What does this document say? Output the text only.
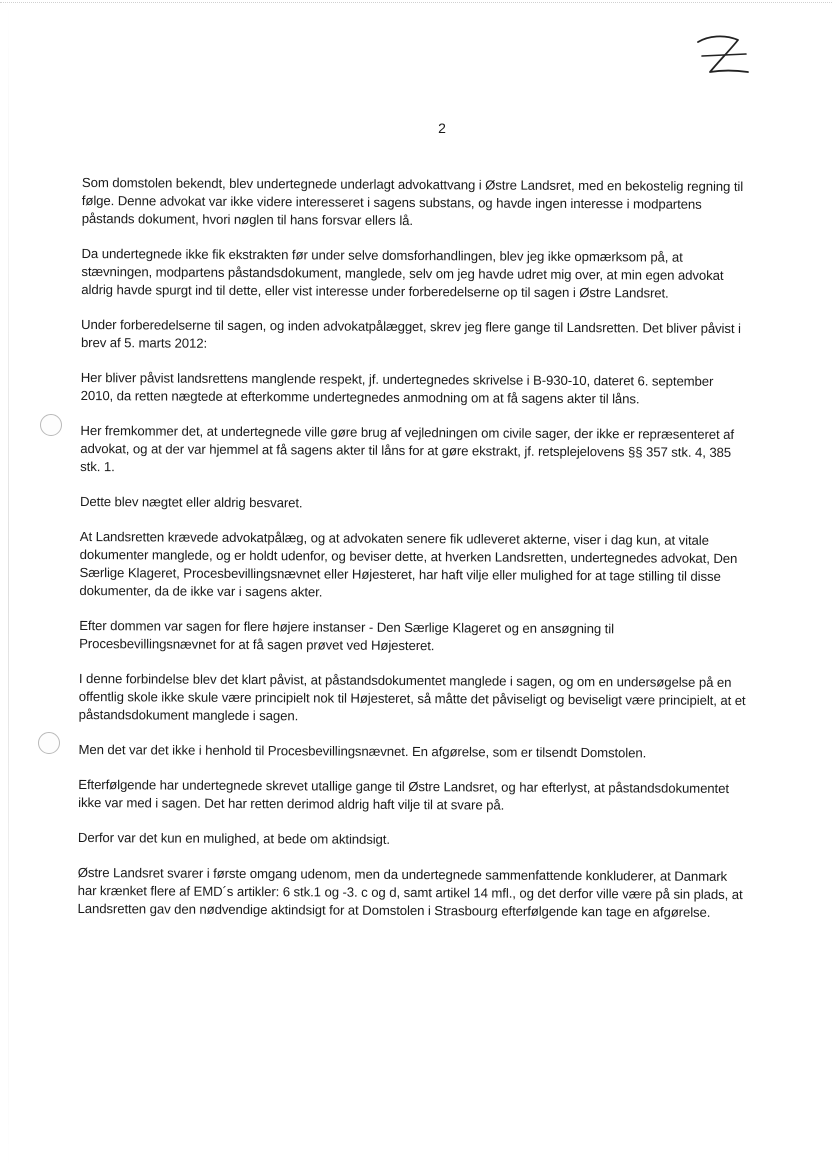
2
2

Som domstolen bekendt, blev undertegnede underlagt advokattvang i Østre Landsret, med en bekostelig regning til følge. Denne advokat var ikke videre interesseret i sagens substans, og havde ingen interesse i modpartens påstands dokument, hvori nøglen til hans forsvar ellers lå.

Da undertegnede ikke fik ekstrakten før under selve domsforhandlingen, blev jeg ikke opmærksom på, at stævningen, modpartens påstandsdokument, manglede, selv om jeg havde udret mig over, at min egen advokat aldrig havde spurgt ind til dette, eller vist interesse under forberedelserne op til sagen i Østre Landsret.

Under forberedelserne til sagen, og inden advokatpålægget, skrev jeg flere gange til Landsretten. Det bliver påvist i brev af 5. marts 2012:

Her bliver påvist landsrettens manglende respekt, jf. undertegnedes skrivelse i B-930-10, dateret 6. september 2010, da retten nægtede at efterkomme undertegnedes anmodning om at få sagens akter til låns.

Her fremkommer det, at undertegnede ville gøre brug af vejledningen om civile sager, der ikke er repræsenteret af advokat, og at der var hjemmel at få sagens akter til låns for at gøre ekstrakt, jf. retsplejelovens §§ 357 stk. 4, 385 stk. 1.

Dette blev nægtet eller aldrig besvaret.

At Landsretten krævede advokatpålæg, og at advokaten senere fik udleveret akterne, viser i dag kun, at vitale dokumenter manglede, og er holdt udenfor, og beviser dette, at hverken Landsretten, undertegnedes advokat, Den Særlige Klageret, Procesbevillingsnævnet eller Højesteret, har haft vilje eller mulighed for at tage stilling til disse dokumenter, da de ikke var i sagens akter.

Efter dommen var sagen for flere højere instanser - Den Særlige Klageret og en ansøgning til Procesbevillingsnævnet for at få sagen prøvet ved Højesteret.

I denne forbindelse blev det klart påvist, at påstandsdokumentet manglede i sagen, og om en undersøgelse på en offentlig skole ikke skule være principielt nok til Højesteret, så måtte det påviseligt og beviseligt være principielt, at et påstandsdokument manglede i sagen.

Men det var det ikke i henhold til Procesbevillingsnævnet. En afgørelse, som er tilsendt Domstolen.

Efterfølgende har undertegnede skrevet utallige gange til Østre Landsret, og har efterlyst, at påstandsdokumentet ikke var med i sagen. Det har retten derimod aldrig haft vilje til at svare på.

Derfor var det kun en mulighed, at bede om aktindsigt.

Østre Landsret svarer i første omgang udenom, men da undertegnede sammenfattende konkluderer, at Danmark har krænket flere af EMD´s artikler: 6 stk.1 og -3. c og d, samt artikel 14 mfl., og det derfor ville være på sin plads, at Landsretten gav den nødvendige aktindsigt for at Domstolen i Strasbourg efterfølgende kan tage en afgørelse.
